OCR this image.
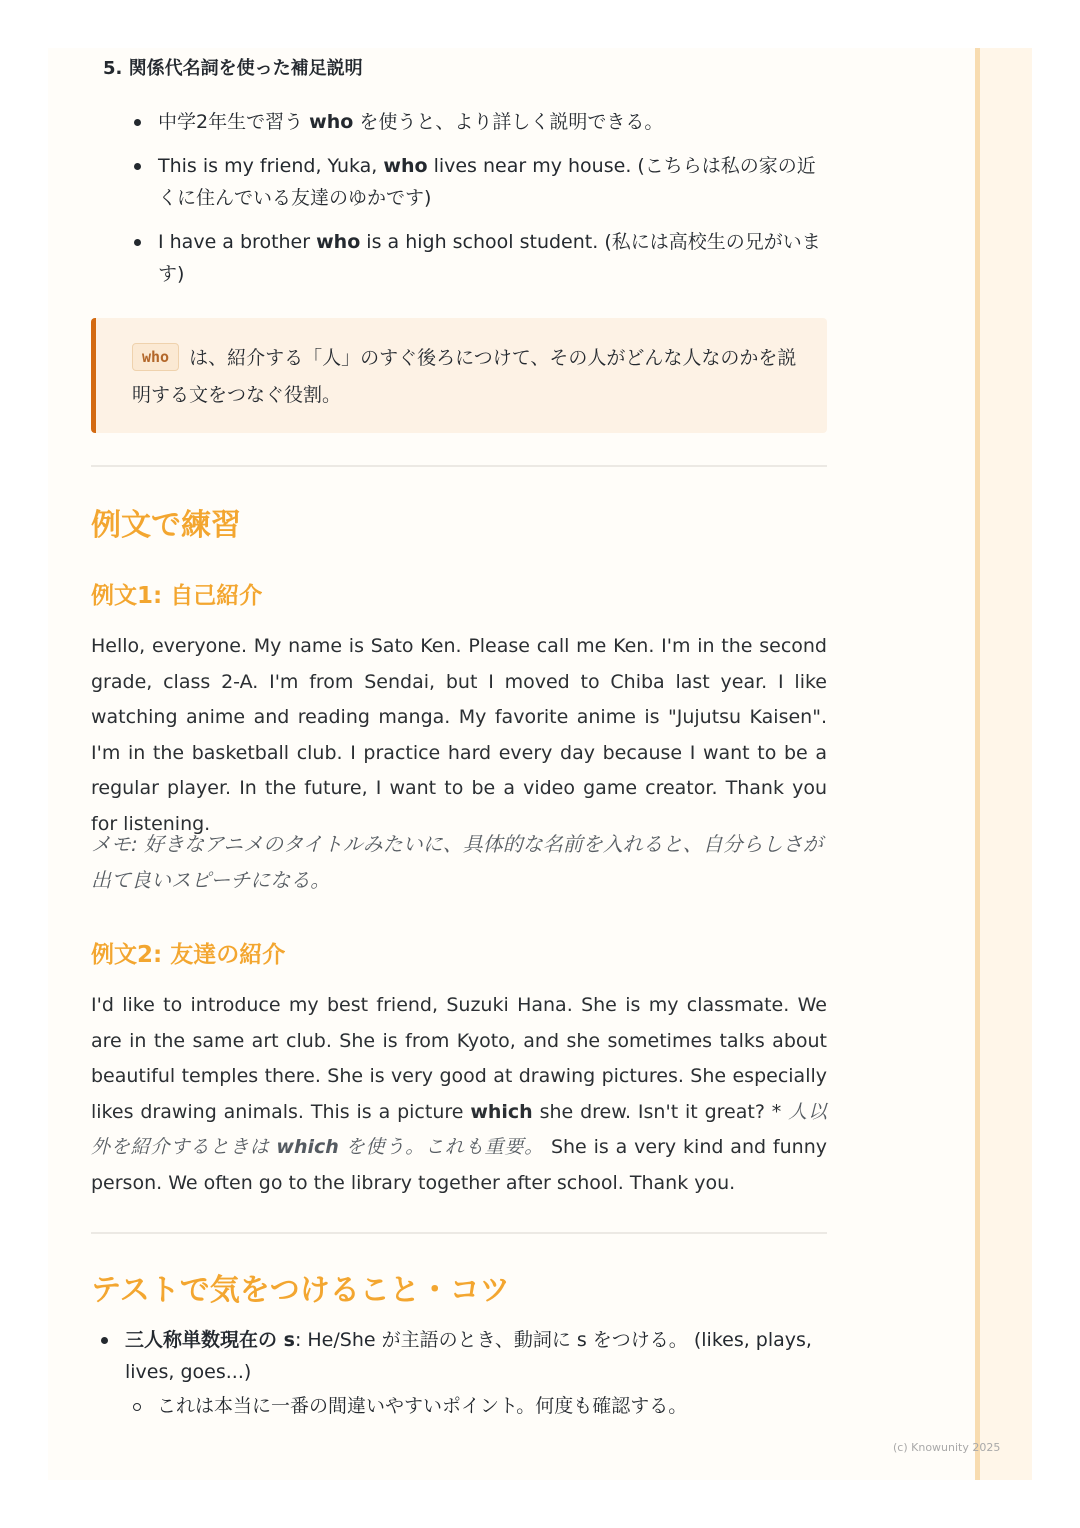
5. 関係代名詞を使った補足説明
中学2年生で習う who を使うと、より詳しく説明できる。
This is my friend, Yuka, who lives near my house. (こちらは私の家の近くに住んでいる友達のゆかです)
I have a brother who is a high school student. (私には高校生の兄がいます)
who は、紹介する「人」のすぐ後ろにつけて、その人がどんな人なのかを説明する文をつなぐ役割。
例文で練習
例文1: 自己紹介
Hello, everyone. My name is Sato Ken. Please call me Ken. I'm in the second grade, class 2-A. I'm from Sendai, but I moved to Chiba last year. I like watching anime and reading manga. My favorite anime is "Jujutsu Kaisen". I'm in the basketball club. I practice hard every day because I want to be a regular player. In the future, I want to be a video game creator. Thank you for listening.
メモ: 好きなアニメのタイトルみたいに、具体的な名前を入れると、自分らしさが出て良いスピーチになる。
例文2: 友達の紹介
I'd like to introduce my best friend, Suzuki Hana. She is my classmate. We are in the same art club. She is from Kyoto, and she sometimes talks about beautiful temples there. She is very good at drawing pictures. She especially likes drawing animals. This is a picture which she drew. Isn't it great? * 人以外を紹介するときは which を使う。これも重要。 She is a very kind and funny person. We often go to the library together after school. Thank you.
テストで気をつけること・コツ
三人称単数現在の s: He/She が主語のとき、動詞に s をつける。 (likes, plays, lives, goes...)
これは本当に一番の間違いやすいポイント。何度も確認する。
(c) Knowunity 2025
